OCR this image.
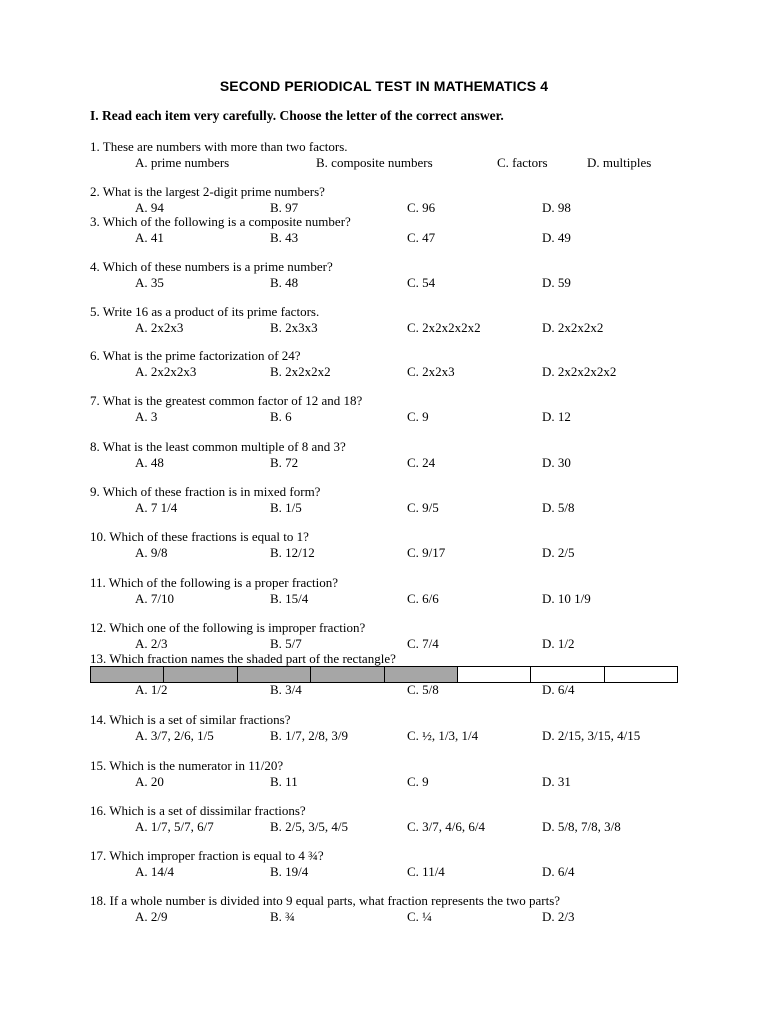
SECOND PERIODICAL TEST IN MATHEMATICS 4
I. Read each item very carefully. Choose the letter of the correct answer.
1. These are numbers with more than two factors.
A. prime numbers	B. composite numbers	C. factors	D. multiples
2. What is the largest 2-digit prime numbers?
A. 94	B. 97	C. 96	D. 98
3. Which of the following is a composite number?
A. 41	B. 43	C. 47	D. 49
4. Which of these numbers is a prime number?
A. 35	B. 48	C. 54	D. 59
5. Write 16 as a product of its prime factors.
A. 2x2x3	B. 2x3x3	C. 2x2x2x2x2	D. 2x2x2x2
6. What is the prime factorization of 24?
A. 2x2x2x3	B. 2x2x2x2	C. 2x2x3	D. 2x2x2x2x2
7. What is the greatest common factor of 12 and 18?
A. 3	B. 6	C. 9	D. 12
8. What is the least common multiple of 8 and 3?
A. 48	B. 72	C. 24	D. 30
9. Which of these fraction is in mixed form?
A. 7 1/4	B. 1/5	C. 9/5	D. 5/8
10. Which of these fractions is equal to 1?
A. 9/8	B. 12/12	C. 9/17	D. 2/5
11. Which of the following is a proper fraction?
A. 7/10	B. 15/4	C. 6/6	D. 10 1/9
12. Which one of the following is improper fraction?
A. 2/3	B. 5/7	C. 7/4	D. 1/2
13. Which fraction names the shaded part of the rectangle?
A. 1/2	B. 3/4	C. 5/8	D. 6/4
14. Which is a set of similar fractions?
A. 3/7, 2/6, 1/5	B. 1/7, 2/8, 3/9	C. ½, 1/3, 1/4	D. 2/15, 3/15, 4/15
15. Which is the numerator in 11/20?
A. 20	B. 11	C. 9	D. 31
16. Which is a set of dissimilar fractions?
A. 1/7, 5/7, 6/7	B. 2/5, 3/5, 4/5	C. 3/7, 4/6, 6/4	D. 5/8, 7/8, 3/8
17. Which improper fraction is equal to 4 ¾?
A. 14/4	B. 19/4	C. 11/4	D. 6/4
18. If a whole number is divided into 9 equal parts, what fraction represents the two parts?
A. 2/9	B. ¾	C. ¼	D. 2/3
